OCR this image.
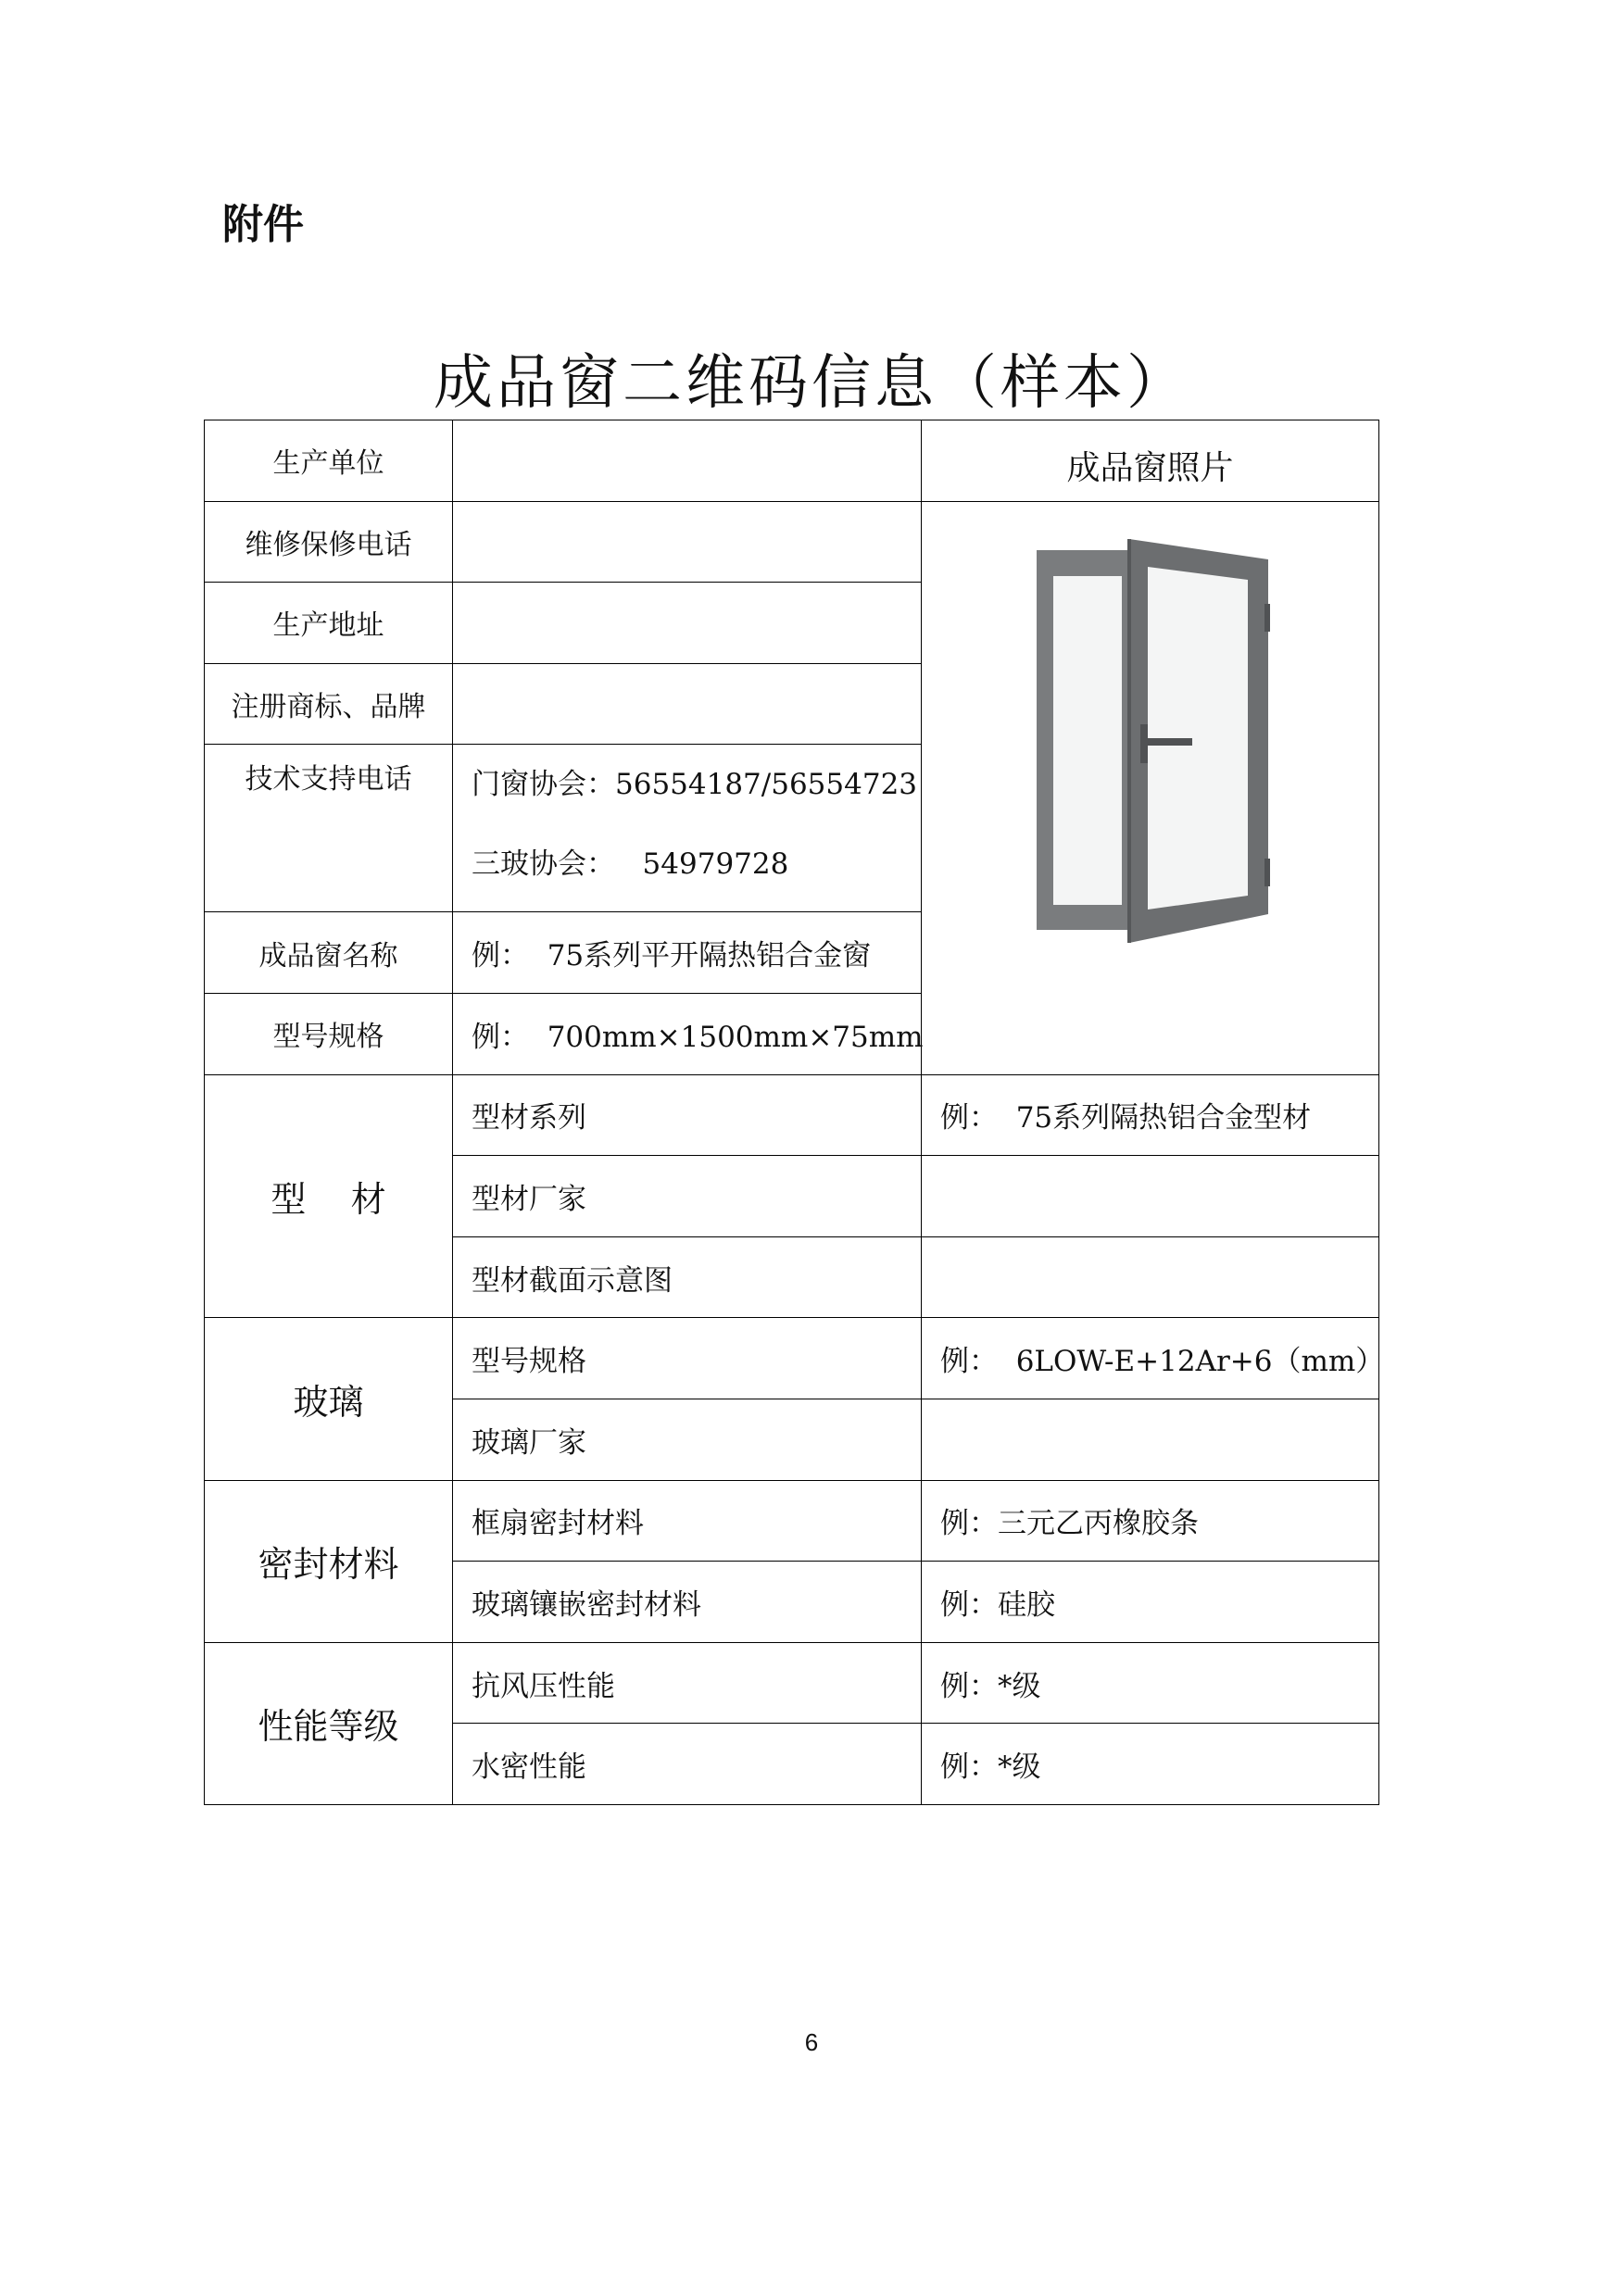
附件
成品窗二维码信息（样本）
生产单位		成品窗照片
维修保修电话		
生产地址		
注册商标、品牌		
技术支持电话	门窗协会：56554187/56554723
三玻协会：   54979728	

成品窗名称	例：  75系列平开隔热铝合金窗	
型号规格	例：  700mm×1500mm×75mm	
型    材	型材系列	例：  75系列隔热铝合金型材
	型材厂家	
	型材截面示意图	
玻璃	型号规格	例：  6LOW-E+12Ar+6（mm）
	玻璃厂家	
密封材料	框扇密封材料	例：三元乙丙橡胶条
	玻璃镶嵌密封材料	例：硅胶
性能等级	抗风压性能	例：*级
	水密性能	例：*级
6
